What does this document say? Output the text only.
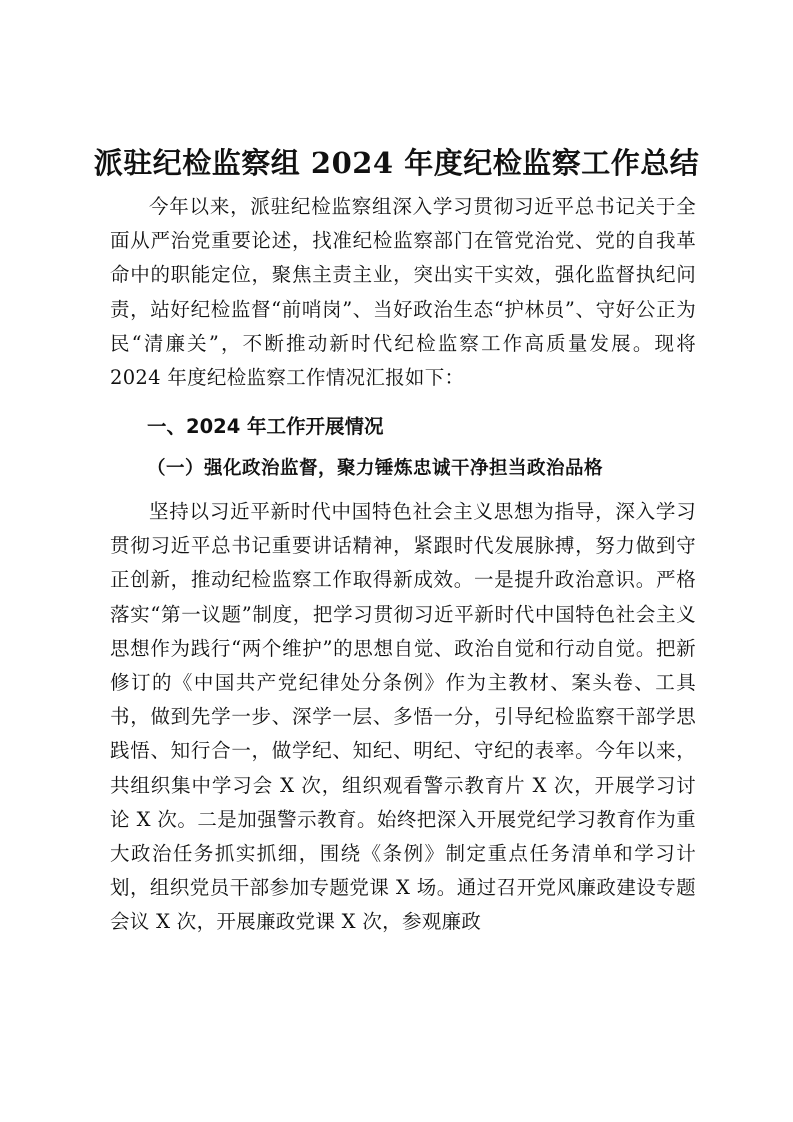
派驻纪检监察组 2024 年度纪检监察工作总结

今年以来，派驻纪检监察组深入学习贯彻习近平总书记关于全面从严治党重要论述，找准纪检监察部门在管党治党、党的自我革命中的职能定位，聚焦主责主业，突出实干实效，强化监督执纪问责，站好纪检监督“前哨岗”、当好政治生态“护林员”、守好公正为民“清廉关”，不断推动新时代纪检监察工作高质量发展。现将 2024 年度纪检监察工作情况汇报如下：

一、2024 年工作开展情况
（一）强化政治监督，聚力锤炼忠诚干净担当政治品格

坚持以习近平新时代中国特色社会主义思想为指导，深入学习贯彻习近平总书记重要讲话精神，紧跟时代发展脉搏，努力做到守正创新，推动纪检监察工作取得新成效。一是提升政治意识。严格落实“第一议题”制度，把学习贯彻习近平新时代中国特色社会主义思想作为践行“两个维护”的思想自觉、政治自觉和行动自觉。把新修订的《中国共产党纪律处分条例》作为主教材、案头卷、工具书，做到先学一步、深学一层、多悟一分，引导纪检监察干部学思践悟、知行合一，做学纪、知纪、明纪、守纪的表率。今年以来，共组织集中学习会 X 次，组织观看警示教育片 X 次，开展学习讨论 X 次。二是加强警示教育。始终把深入开展党纪学习教育作为重大政治任务抓实抓细，围绕《条例》制定重点任务清单和学习计划，组织党员干部参加专题党课 X 场。通过召开党风廉政建设专题会议 X 次，开展廉政党课 X 次，参观廉政
